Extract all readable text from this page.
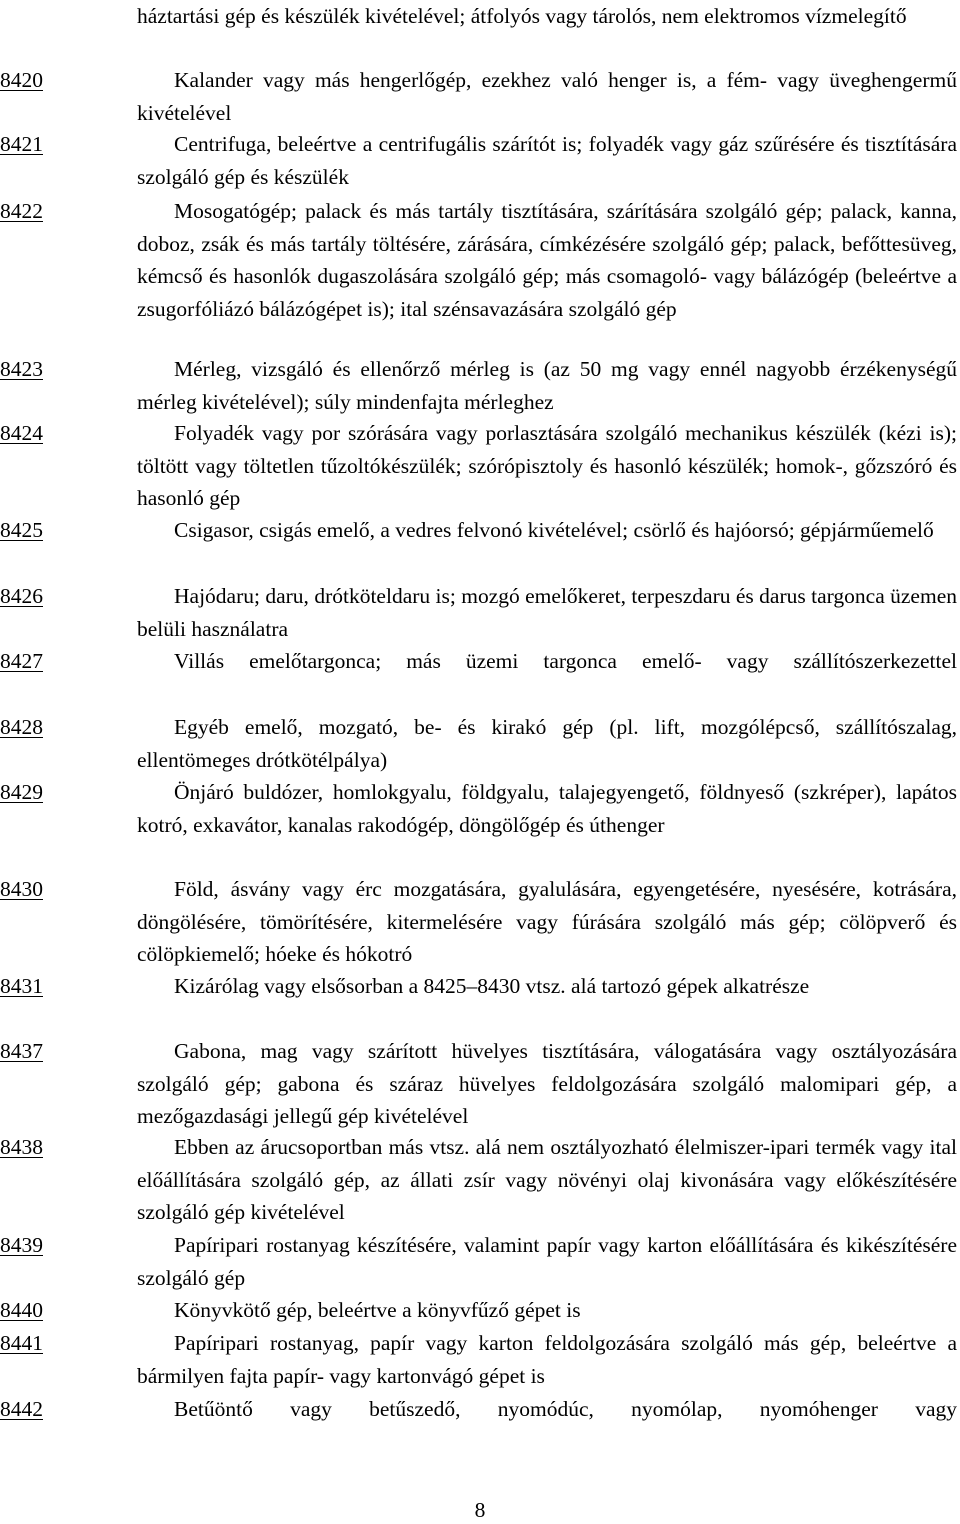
háztartási gép és készülék kivételével; átfolyós vagy tárolós, nem elektromos vízmelegítő
8420	Kalander vagy más hengerlőgép, ezekhez való henger is, a fém- vagy üveghengermű kivételével
8421	Centrifuga, beleértve a centrifugális szárítót is; folyadék vagy gáz szűrésére és tisztítására szolgáló gép és készülék
8422	Mosogatógép; palack és más tartály tisztítására, szárítására szolgáló gép; palack, kanna, doboz, zsák és más tartály töltésére, zárására, címkézésére szolgáló gép; palack, befőttesüveg, kémcső és hasonlók dugaszolására szolgáló gép; más csomagoló- vagy bálázógép (beleértve a zsugorfóliázó bálázógépet is); ital szénsavazására szolgáló gép
8423	Mérleg, vizsgáló és ellenőrző mérleg is (az 50 mg vagy ennél nagyobb érzékenységű mérleg kivételével); súly mindenfajta mérleghez
8424	Folyadék vagy por szórására vagy porlasztására szolgáló mechanikus készülék (kézi is); töltött vagy töltetlen tűzoltókészülék; szórópisztoly és hasonló készülék; homok-, gőzszóró és hasonló gép
8425	Csigasor, csigás emelő, a vedres felvonó kivételével; csörlő és hajóorsó; gépjárműemelő
8426	Hajódaru; daru, drótköteldaru is; mozgó emelőkeret, terpeszdaru és darus targonca üzemen belüli használatra
8427	Villás emelőtargonca; más üzemi targonca emelő- vagy szállítószerkezettel
8428	Egyéb emelő, mozgató, be- és kirakó gép (pl. lift, mozgólépcső, szállítószalag, ellentömeges drótkötélpálya)
8429	Önjáró buldózer, homlokgyalu, földgyalu, talajegyengető, földnyeső (szkréper), lapátos kotró, exkavátor, kanalas rakodógép, döngölőgép és úthenger
8430	Föld, ásvány vagy érc mozgatására, gyalulására, egyengetésére, nyesésére, kotrására, döngölésére, tömörítésére, kitermelésére vagy fúrására szolgáló más gép; cölöpverő és cölöpkiemelő; hóeke és hókotró
8431	Kizárólag vagy elsősorban a 8425–8430 vtsz. alá tartozó gépek alkatrésze
8437	Gabona, mag vagy szárított hüvelyes tisztítására, válogatására vagy osztályozására szolgáló gép; gabona és száraz hüvelyes feldolgozására szolgáló malomipari gép, a mezőgazdasági jellegű gép kivételével
8438	Ebben az árucsoportban más vtsz. alá nem osztályozható élelmiszer-ipari termék vagy ital előállítására szolgáló gép, az állati zsír vagy növényi olaj kivonására vagy előkészítésére szolgáló gép kivételével
8439	Papíripari rostanyag készítésére, valamint papír vagy karton előállítására és kikészítésére szolgáló gép
8440	Könyvkötő gép, beleértve a könyvfűző gépet is
8441	Papíripari rostanyag, papír vagy karton feldolgozására szolgáló más gép, beleértve a bármilyen fajta papír- vagy kartonvágó gépet is
8442	Betűöntő vagy betűszedő, nyomódúc, nyomólap, nyomóhenger vagy
8
